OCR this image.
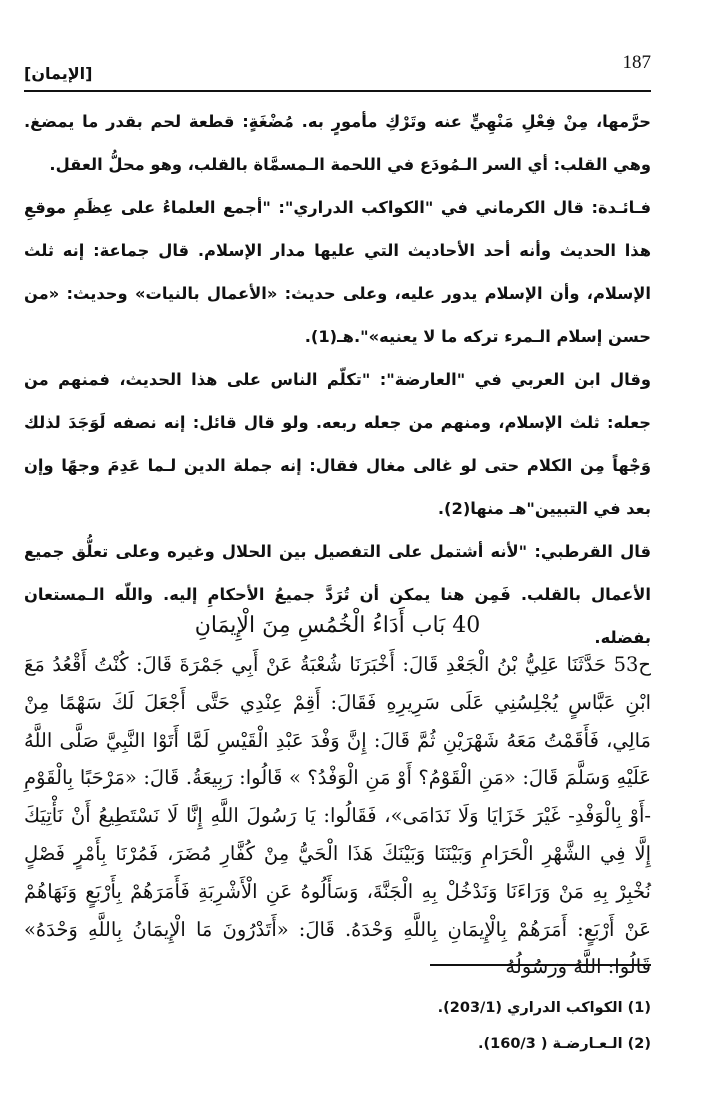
187
[الإيمان]

حرَّمها، مِنْ فِعْلِ مَنْهِيٍّ عنه وتَرْكِ مأمورٍ به. مُضْغَةٍ: قطعة لحم بقدر ما يمضغ. وهي القلب: أي السر الـمُودَع في اللحمة الـمسمَّاة بالقلب، وهو محلُّ العقل.

فـائـدة: قال الكرماني في "الكواكب الدراري": "أجمع العلماءُ على عِظَمِ موقعِ هذا الحديث وأنه أحد الأحاديث التي عليها مدار الإسلام. قال جماعة: إنه ثلث الإسلام، وأن الإسلام يدور عليه، وعلى حديث: «الأعمال بالنيات» وحديث: «من حسن إسلام الـمرء تركه ما لا يعنيه»".هـ(1).

وقال ابن العربي في "العارضة": "تكلّم الناس على هذا الحديث، فمنهم من جعله: ثلث الإسلام، ومنهم من جعله ربعه. ولو قال قائل: إنه نصفه لَوَجَدَ لذلك وَجْهاً مِن الكلام حتى لو غالى مغال فقال: إنه جملة الدين لـما عَدِمَ وجهًا وإن بعد في التبيين"هـ منها(2).

قال القرطبي: "لأنه أشتمل على التفصيل بين الحلال وغيره وعلى تعلُّق جميع الأعمال بالقلب. فَمِن هنا يمكن أن تُرَدَّ جميعُ الأحكامِ إليه. واللّه الـمستعان بفضله.

40 بَاب أَدَاءُ الْخُمُسِ مِنَ الْإِيمَانِ

ح53 حَدَّثَنَا عَلِيُّ بْنُ الْجَعْدِ قَالَ: أَخْبَرَنَا شُعْبَةُ عَنْ أَبِي جَمْرَةَ قَالَ: كُنْتُ أَقْعُدُ مَعَ ابْنِ عَبَّاسٍ يُجْلِسُنِي عَلَى سَرِيرِهِ فَقَالَ: أَقِمْ عِنْدِي حَتَّى أَجْعَلَ لَكَ سَهْمًا مِنْ مَالِي، فَأَقَمْتُ مَعَهُ شَهْرَيْنِ ثُمَّ قَالَ: إِنَّ وَفْدَ عَبْدِ الْقَيْسِ لَمَّا أَتَوْا النَّبِيَّ صَلَّى اللَّهُ عَلَيْهِ وَسَلَّمَ قَالَ: «مَنِ الْقَوْمُ؟ أَوْ مَنِ الْوَفْدُ؟ » قَالُوا: رَبِيعَةُ. قَالَ: «مَرْحَبًا بِالْقَوْمِ -أَوْ بِالْوَفْدِ- غَيْرَ خَزَايَا وَلَا نَدَامَى»، فَقَالُوا: يَا رَسُولَ اللَّهِ إِنَّا لَا نَسْتَطِيعُ أَنْ نَأْتِيَكَ إِلَّا فِي الشَّهْرِ الْحَرَامِ وَبَيْنَنَا وَبَيْنَكَ هَذَا الْحَيُّ مِنْ كُفَّارِ مُضَرَ، فَمُرْنَا بِأَمْرٍ فَصْلٍ نُخْبِرْ بِهِ مَنْ وَرَاءَنَا وَنَدْخُلْ بِهِ الْجَنَّةَ، وَسَأَلُوهُ عَنِ الْأَشْرِبَةِ فَأَمَرَهُمْ بِأَرْبَعٍ وَنَهَاهُمْ عَنْ أَرْبَعٍ: أَمَرَهُمْ بِالْإِيمَانِ بِاللَّهِ وَحْدَهُ. قَالَ: «أَتَدْرُونَ مَا الْإِيمَانُ بِاللَّهِ وَحْدَهُ» قَالُوا: اللَّهُ وَرَسُولُهُ

(1) الكواكب الدراري (203/1).
(2) الـعـارضـة ( 160/3).
